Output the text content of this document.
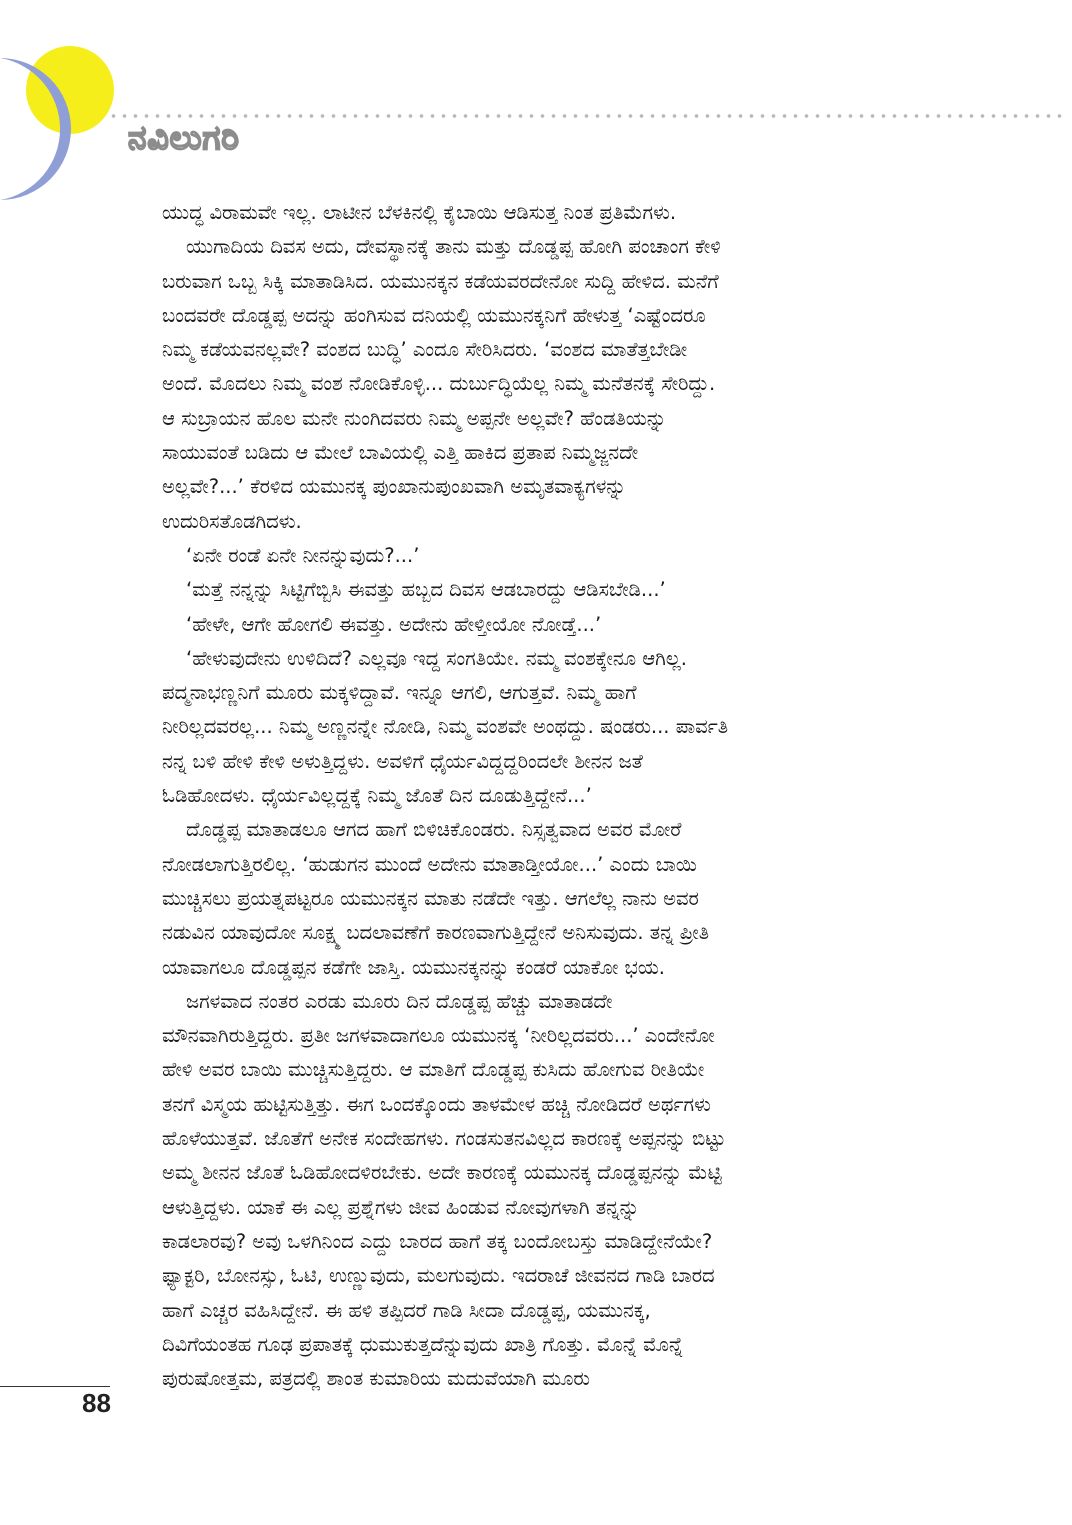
ನವಿಲುಗರಿ
ಯುದ್ಧ ವಿರಾಮವೇ ಇಲ್ಲ. ಲಾಟೀನ ಬೆಳಕಿನಲ್ಲಿ ಕೈಬಾಯಿ ಆಡಿಸುತ್ತ ನಿಂತ ಪ್ರತಿಮೆಗಳು.
ಯುಗಾದಿಯ ದಿವಸ ಅದು, ದೇವಸ್ಥಾನಕ್ಕೆ ತಾನು ಮತ್ತು ದೊಡ್ಡಪ್ಪ ಹೋಗಿ ಪಂಚಾಂಗ ಕೇಳಿ
ಬರುವಾಗ ಒಬ್ಬ ಸಿಕ್ಕಿ ಮಾತಾಡಿಸಿದ. ಯಮುನಕ್ಕನ ಕಡೆಯವರದೇನೋ ಸುದ್ದಿ ಹೇಳಿದ. ಮನೆಗೆ
ಬಂದವರೇ ದೊಡ್ಡಪ್ಪ ಅದನ್ನು ಹಂಗಿಸುವ ದನಿಯಲ್ಲಿ ಯಮುನಕ್ಕನಿಗೆ ಹೇಳುತ್ತ ‘ಎಷ್ಟೆಂದರೂ
ನಿಮ್ಮ ಕಡೆಯವನಲ್ಲವೇ? ವಂಶದ ಬುದ್ಧಿ’ ಎಂದೂ ಸೇರಿಸಿದರು. ‘ವಂಶದ ಮಾತೆತ್ತಬೇಡೀ
ಅಂದೆ. ಮೊದಲು ನಿಮ್ಮ ವಂಶ ನೋಡಿಕೊಳ್ಳಿ... ದುರ್ಬುದ್ಧಿಯೆಲ್ಲ ನಿಮ್ಮ ಮನೆತನಕ್ಕೆ ಸೇರಿದ್ದು.
ಆ ಸುಬ್ರಾಯನ ಹೊಲ ಮನೇ ನುಂಗಿದವರು ನಿಮ್ಮ ಅಪ್ಪನೇ ಅಲ್ಲವೇ? ಹೆಂಡತಿಯನ್ನು
ಸಾಯುವಂತೆ ಬಡಿದು ಆ ಮೇಲೆ ಬಾವಿಯಲ್ಲಿ ಎತ್ತಿ ಹಾಕಿದ ಪ್ರತಾಪ ನಿಮ್ಮಜ್ಜನದೇ
ಅಲ್ಲವೇ?...’ ಕೆರಳಿದ ಯಮುನಕ್ಕ ಪುಂಖಾನುಪುಂಖವಾಗಿ ಅಮೃತವಾಕ್ಯಗಳನ್ನು
ಉದುರಿಸತೊಡಗಿದಳು.
‘ಏನೇ ರಂಡೆ ಏನೇ ನೀನನ್ನುವುದು?...’
‘ಮತ್ತೆ ನನ್ನನ್ನು ಸಿಟ್ಟಿಗೆಬ್ಬಿಸಿ ಈವತ್ತು ಹಬ್ಬದ ದಿವಸ ಆಡಬಾರದ್ದು ಆಡಿಸಬೇಡಿ...’
‘ಹೇಳೇ, ಆಗೇ ಹೋಗಲಿ ಈವತ್ತು. ಅದೇನು ಹೇಳ್ತೀಯೋ ನೋಡ್ತೆ...’
‘ಹೇಳುವುದೇನು ಉಳಿದಿದೆ? ಎಲ್ಲವೂ ಇದ್ದ ಸಂಗತಿಯೇ. ನಮ್ಮ ವಂಶಕ್ಕೇನೂ ಆಗಿಲ್ಲ.
ಪದ್ಮನಾಭಣ್ಣನಿಗೆ ಮೂರು ಮಕ್ಕಳಿದ್ದಾವೆ. ಇನ್ನೂ ಆಗಲಿ, ಆಗುತ್ತವೆ. ನಿಮ್ಮ ಹಾಗೆ
ನೀರಿಲ್ಲದವರಲ್ಲ... ನಿಮ್ಮ ಅಣ್ಣನನ್ನೇ ನೋಡಿ, ನಿಮ್ಮ ವಂಶವೇ ಅಂಥದ್ದು. ಷಂಡರು... ಪಾರ್ವತಿ
ನನ್ನ ಬಳಿ ಹೇಳಿ ಕೇಳಿ ಅಳುತ್ತಿದ್ದಳು. ಅವಳಿಗೆ ಧೈರ್ಯವಿದ್ದದ್ದರಿಂದಲೇ ಶೀನನ ಜತೆ
ಓಡಿಹೋದಳು. ಧೈರ್ಯವಿಲ್ಲದ್ದಕ್ಕೆ ನಿಮ್ಮ ಜೊತೆ ದಿನ ದೂಡುತ್ತಿದ್ದೇನೆ...’
ದೊಡ್ಡಪ್ಪ ಮಾತಾಡಲೂ ಆಗದ ಹಾಗೆ ಬಿಳಿಚಿಕೊಂಡರು. ನಿಸ್ಸತ್ವವಾದ ಅವರ ಮೋರೆ
ನೋಡಲಾಗುತ್ತಿರಲಿಲ್ಲ. ‘ಹುಡುಗನ ಮುಂದೆ ಅದೇನು ಮಾತಾಡ್ತೀಯೋ...’ ಎಂದು ಬಾಯಿ
ಮುಚ್ಚಿಸಲು ಪ್ರಯತ್ನಪಟ್ಟರೂ ಯಮುನಕ್ಕನ ಮಾತು ನಡೆದೇ ಇತ್ತು. ಆಗಲೆಲ್ಲ ನಾನು ಅವರ
ನಡುವಿನ ಯಾವುದೋ ಸೂಕ್ಷ್ಮ ಬದಲಾವಣೆಗೆ ಕಾರಣವಾಗುತ್ತಿದ್ದೇನೆ ಅನಿಸುವುದು. ತನ್ನ ಪ್ರೀತಿ
ಯಾವಾಗಲೂ ದೊಡ್ಡಪ್ಪನ ಕಡೆಗೇ ಜಾಸ್ತಿ. ಯಮುನಕ್ಕನನ್ನು ಕಂಡರೆ ಯಾಕೋ ಭಯ.
ಜಗಳವಾದ ನಂತರ ಎರಡು ಮೂರು ದಿನ ದೊಡ್ಡಪ್ಪ ಹೆಚ್ಚು ಮಾತಾಡದೇ
ಮೌನವಾಗಿರುತ್ತಿದ್ದರು. ಪ್ರತೀ ಜಗಳವಾದಾಗಲೂ ಯಮುನಕ್ಕ ‘ನೀರಿಲ್ಲದವರು...’ ಎಂದೇನೋ
ಹೇಳಿ ಅವರ ಬಾಯಿ ಮುಚ್ಚಿಸುತ್ತಿದ್ದರು. ಆ ಮಾತಿಗೆ ದೊಡ್ಡಪ್ಪ ಕುಸಿದು ಹೋಗುವ ರೀತಿಯೇ
ತನಗೆ ವಿಸ್ಮಯ ಹುಟ್ಟಿಸುತ್ತಿತ್ತು. ಈಗ ಒಂದಕ್ಕೊಂದು ತಾಳಮೇಳ ಹಚ್ಚಿ ನೋಡಿದರೆ ಅರ್ಥಗಳು
ಹೊಳೆಯುತ್ತವೆ. ಜೊತೆಗೆ ಅನೇಕ ಸಂದೇಹಗಳು. ಗಂಡಸುತನವಿಲ್ಲದ ಕಾರಣಕ್ಕೆ ಅಪ್ಪನನ್ನು ಬಿಟ್ಟು
ಅಮ್ಮ ಶೀನನ ಜೊತೆ ಓಡಿಹೋದಳಿರಬೇಕು. ಅದೇ ಕಾರಣಕ್ಕೆ ಯಮುನಕ್ಕ ದೊಡ್ಡಪ್ಪನನ್ನು ಮೆಟ್ಟಿ
ಆಳುತ್ತಿದ್ದಳು. ಯಾಕೆ ಈ ಎಲ್ಲ ಪ್ರಶ್ನೆಗಳು ಜೀವ ಹಿಂಡುವ ನೋವುಗಳಾಗಿ ತನ್ನನ್ನು
ಕಾಡಲಾರವು? ಅವು ಒಳಗಿನಿಂದ ಎದ್ದು ಬಾರದ ಹಾಗೆ ತಕ್ಕ ಬಂದೋಬಸ್ತು ಮಾಡಿದ್ದೇನೆಯೇ?
ಫ್ಯಾಕ್ಟರಿ, ಬೋನಸ್ಸು, ಓಟಿ, ಉಣ್ಣುವುದು, ಮಲಗುವುದು. ಇದರಾಚೆ ಜೀವನದ ಗಾಡಿ ಬಾರದ
ಹಾಗೆ ಎಚ್ಚರ ವಹಿಸಿದ್ದೇನೆ. ಈ ಹಳಿ ತಪ್ಪಿದರೆ ಗಾಡಿ ಸೀದಾ ದೊಡ್ಡಪ್ಪ, ಯಮುನಕ್ಕ,
ದಿವಿಗೆಯಂತಹ ಗೂಢ ಪ್ರಪಾತಕ್ಕೆ ಧುಮುಕುತ್ತದೆನ್ನುವುದು ಖಾತ್ರಿ ಗೊತ್ತು. ಮೊನ್ನೆ ಮೊನ್ನೆ
ಪುರುಷೋತ್ತಮ, ಪತ್ರದಲ್ಲಿ ಶಾಂತ ಕುಮಾರಿಯ ಮದುವೆಯಾಗಿ ಮೂರು
88
